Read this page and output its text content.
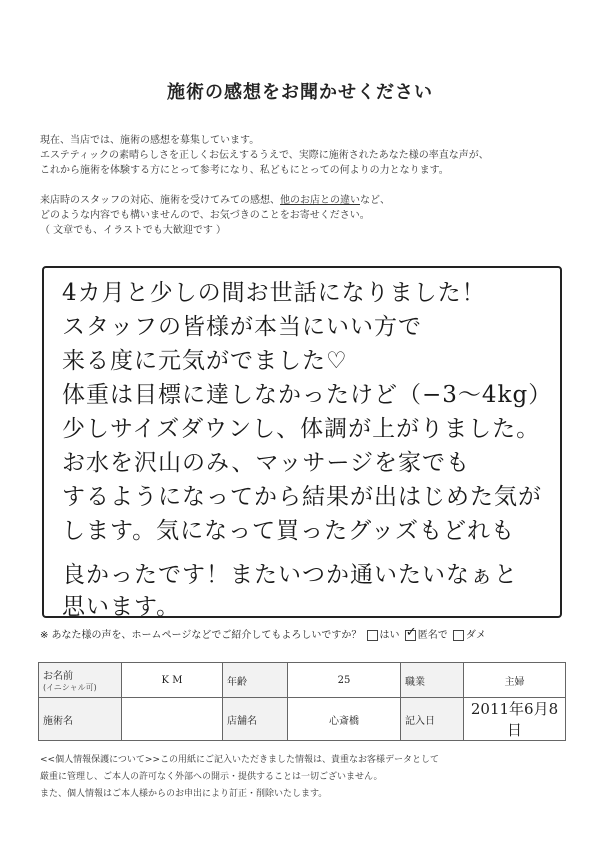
施術の感想をお聞かせください
現在、当店では、施術の感想を募集しています。
エステティックの素晴らしさを正しくお伝えするうえで、実際に施術されたあなた様の率直な声が、
これから施術を体験する方にとって参考になり、私どもにとっての何よりの力となります。
来店時のスタッフの対応、施術を受けてみての感想、他のお店との違いなど、
どのような内容でも構いませんので、お気づきのことをお寄せください。
（ 文章でも、イラストでも大歓迎です ）
4カ月と少しの間お世話になりました！
スタッフの皆様が本当にいい方で
来る度に元気がでました♡
体重は目標に達しなかったけど（−3〜4kg）
少しサイズダウンし、体調が上がりました。
お水を沢山のみ、マッサージを家でも
するようになってから結果が出はじめた気が
します。気になって買ったグッズもどれも
良かったです！またいつか通いたいなぁと
思います。
※ あなた様の声を、ホームページなどでご紹介してもよろしいですか？ はい ✓ 匿名で ダメ
お名前
(イニシャル可)	K M	年齢	25	職業	主婦
施術名		店舗名	心斎橋	記入日	2011年6月8日
<<個人情報保護について>>この用紙にご記入いただきました情報は、貴重なお客様データとして
厳重に管理し、ご本人の許可なく外部への開示・提供することは一切ございません。
また、個人情報はご本人様からのお申出により訂正・削除いたします。
